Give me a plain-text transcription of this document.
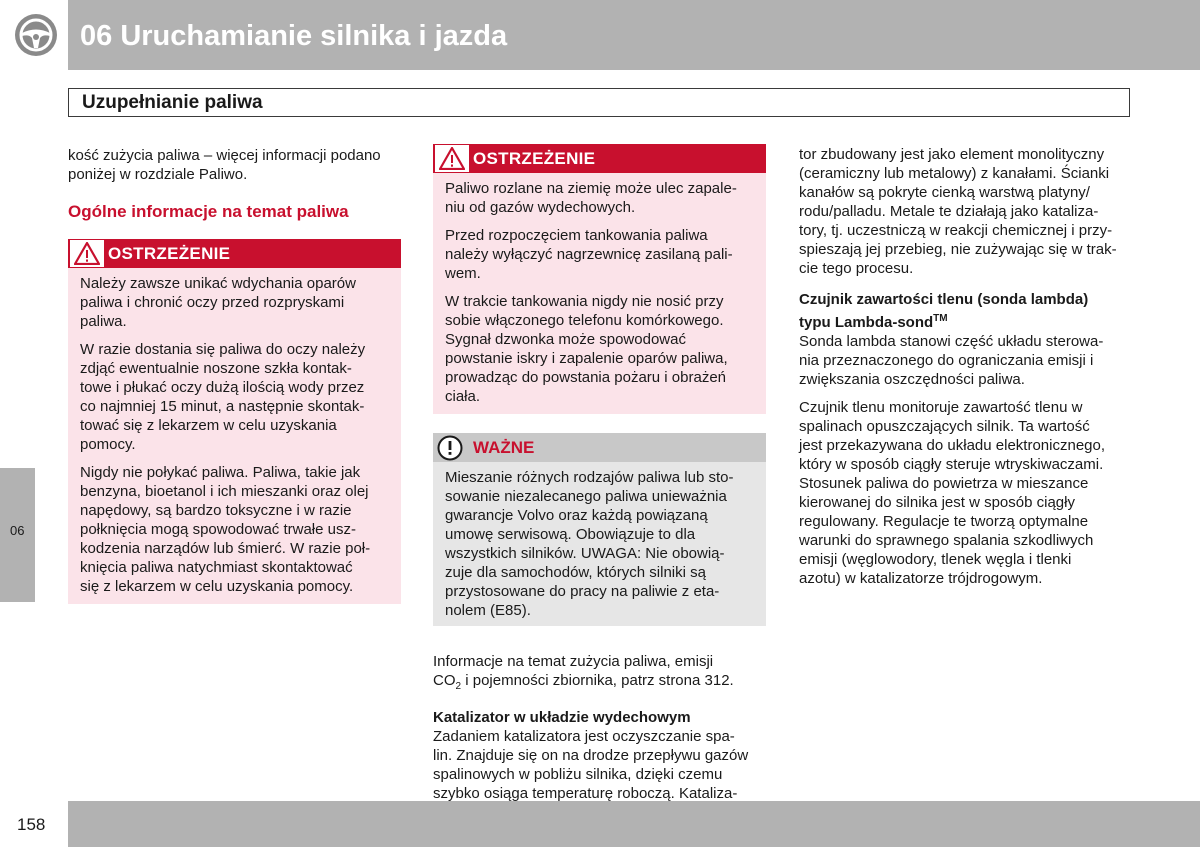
06 Uruchamianie silnika i jazda
Uzupełnianie paliwa
06
158
kość zużycia paliwa – więcej informacji podano
poniżej w rozdziale Paliwo.
Ogólne informacje na temat paliwa
OSTRZEŻENIE
Należy zawsze unikać wdychania oparów
paliwa i chronić oczy przed rozpryskami
paliwa.
W razie dostania się paliwa do oczy należy
zdjąć ewentualnie noszone szkła kontak-
towe i płukać oczy dużą ilością wody przez
co najmniej 15 minut, a następnie skontak-
tować się z lekarzem w celu uzyskania
pomocy.
Nigdy nie połykać paliwa. Paliwa, takie jak
benzyna, bioetanol i ich mieszanki oraz olej
napędowy, są bardzo toksyczne i w razie
połknięcia mogą spowodować trwałe usz-
kodzenia narządów lub śmierć. W razie poł-
knięcia paliwa natychmiast skontaktować
się z lekarzem w celu uzyskania pomocy.
OSTRZEŻENIE
Paliwo rozlane na ziemię może ulec zapale-
niu od gazów wydechowych.
Przed rozpoczęciem tankowania paliwa
należy wyłączyć nagrzewnicę zasilaną pali-
wem.
W trakcie tankowania nigdy nie nosić przy
sobie włączonego telefonu komórkowego.
Sygnał dzwonka może spowodować
powstanie iskry i zapalenie oparów paliwa,
prowadząc do powstania pożaru i obrażeń
ciała.
WAŻNE
Mieszanie różnych rodzajów paliwa lub sto-
sowanie niezalecanego paliwa unieważnia
gwarancje Volvo oraz każdą powiązaną
umowę serwisową. Obowiązuje to dla
wszystkich silników. UWAGA: Nie obowią-
zuje dla samochodów, których silniki są
przystosowane do pracy na paliwie z eta-
nolem (E85).
Informacje na temat zużycia paliwa, emisji
$CO_2$ i pojemności zbiornika, patrz strona 312.
Katalizator w układzie wydechowym
Zadaniem katalizatora jest oczyszczanie spa-
lin. Znajduje się on na drodze przepływu gazów
spalinowych w pobliżu silnika, dzięki czemu
szybko osiąga temperaturę roboczą. Kataliza-
tor zbudowany jest jako element monolityczny
(ceramiczny lub metalowy) z kanałami. Ścianki
kanałów są pokryte cienką warstwą platyny/
rodu/palladu. Metale te działają jako kataliza-
tory, tj. uczestniczą w reakcji chemicznej i przy-
spieszają jej przebieg, nie zużywając się w trak-
cie tego procesu.
Czujnik zawartości tlenu (sonda lambda)
typu Lambda-sond™
Sonda lambda stanowi część układu sterowa-
nia przeznaczonego do ograniczania emisji i
zwiększania oszczędności paliwa.
Czujnik tlenu monitoruje zawartość tlenu w
spalinach opuszczających silnik. Ta wartość
jest przekazywana do układu elektronicznego,
który w sposób ciągły steruje wtryskiwaczami.
Stosunek paliwa do powietrza w mieszance
kierowanej do silnika jest w sposób ciągły
regulowany. Regulacje te tworzą optymalne
warunki do sprawnego spalania szkodliwych
emisji (węglowodory, tlenek węgla i tlenki
azotu) w katalizatorze trójdrogowym.
